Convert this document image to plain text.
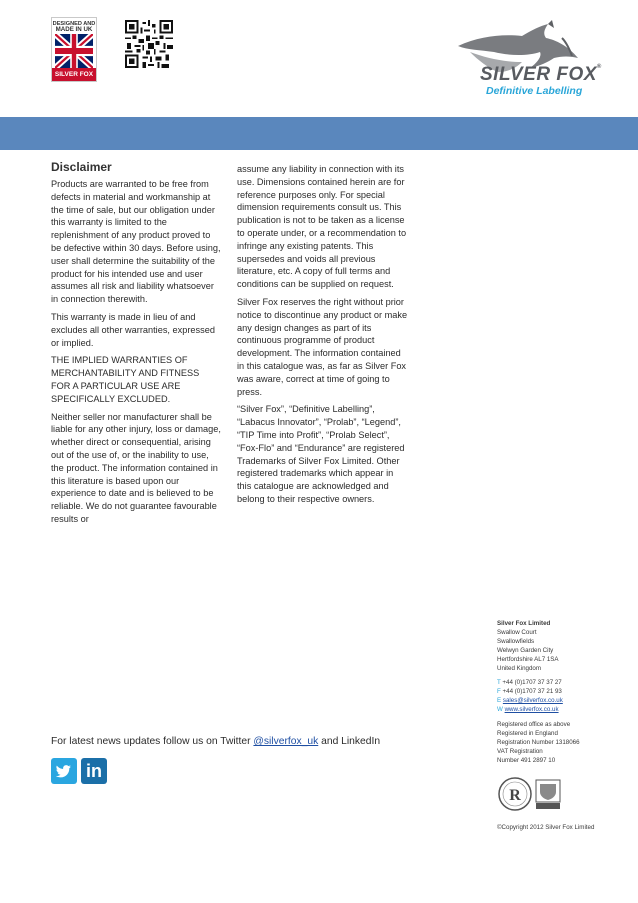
DESIGNED AND
MADE IN UK
SILVER FOX	SILVER FOX®
Definitive Labelling
Disclaimer

Products are warranted to be free from defects in material and workmanship at the time of sale, but our obligation under this warranty is limited to the replenishment of any product proved to be defective within 30 days. Before using, user shall determine the suitability of the product for his intended use and user assumes all risk and liability whatsoever in connection therewith.

This warranty is made in lieu of and excludes all other warranties, expressed or implied.

THE IMPLIED WARRANTIES OF MERCHANTABILITY AND FITNESS FOR A PARTICULAR USE ARE SPECIFICALLY EXCLUDED.

Neither seller nor manufacturer shall be liable for any other injury, loss or damage, whether direct or consequential, arising out of the use of, or the inability to use, the product. The information contained in this literature is based upon our experience to date and is believed to be reliable. We do not guarantee favourable results or

assume any liability in connection with its use. Dimensions contained herein are for reference purposes only. For special dimension requirements consult us. This publication is not to be taken as a license to operate under, or a recommendation to infringe any existing patents. This supersedes and voids all previous literature, etc. A copy of full terms and conditions can be supplied on request.

Silver Fox reserves the right without prior notice to discontinue any product or make any design changes as part of its continuous programme of product development. The information contained in this catalogue was, as far as Silver Fox was aware, correct at time of going to press.

“Silver Fox”, “Definitive Labelling”, “Labacus Innovator”, “Prolab”, “Legend”, “TIP Time into Profit”, “Prolab Select”, “Fox-Flo” and “Endurance” are registered Trademarks of Silver Fox Limited. Other registered trademarks which appear in this catalogue are acknowledged and belong to their respective owners.

For latest news updates follow us on Twitter @silverfox_uk and LinkedIn
in
Silver Fox Limited
Swallow Court
Swallowfields
Welwyn Garden City
Hertfordshire AL7 1SA
United Kingdom
T +44 (0)1707 37 37 27
F +44 (0)1707 37 21 93
E sales@silverfox.co.uk
W www.silverfox.co.uk
Registered office as above
Registered in England
Registration Number 1318066
VAT Registration
Number 491 2897 10
R
©Copyright 2012 Silver Fox Limited
